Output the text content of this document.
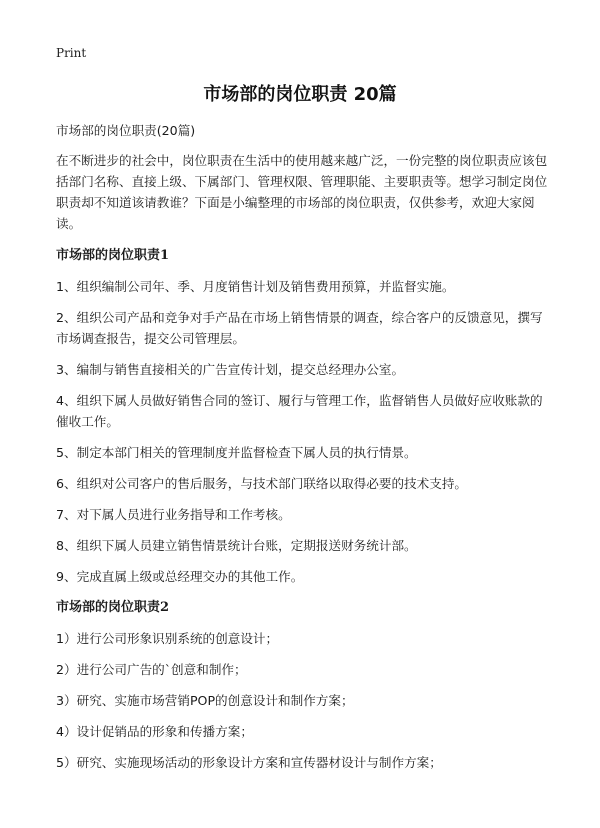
Print
市场部的岗位职责 20篇

市场部的岗位职责(20篇)

在不断进步的社会中，岗位职责在生活中的使用越来越广泛，一份完整的岗位职责应该包括部门名称、直接上级、下属部门、管理权限、管理职能、主要职责等。想学习制定岗位职责却不知道该请教谁？下面是小编整理的市场部的岗位职责，仅供参考，欢迎大家阅读。

市场部的岗位职责1

1、组织编制公司年、季、月度销售计划及销售费用预算，并监督实施。

2、组织公司产品和竞争对手产品在市场上销售情景的调查，综合客户的反馈意见，撰写市场调查报告，提交公司管理层。

3、编制与销售直接相关的广告宣传计划，提交总经理办公室。

4、组织下属人员做好销售合同的签订、履行与管理工作，监督销售人员做好应收账款的催收工作。

5、制定本部门相关的管理制度并监督检查下属人员的执行情景。

6、组织对公司客户的售后服务，与技术部门联络以取得必要的技术支持。

7、对下属人员进行业务指导和工作考核。

8、组织下属人员建立销售情景统计台账，定期报送财务统计部。

9、完成直属上级或总经理交办的其他工作。

市场部的岗位职责2

1）进行公司形象识别系统的创意设计；

2）进行公司广告的`创意和制作；

3）研究、实施市场营销POP的创意设计和制作方案；

4）设计促销品的形象和传播方案；

5）研究、实施现场活动的形象设计方案和宣传器材设计与制作方案；
